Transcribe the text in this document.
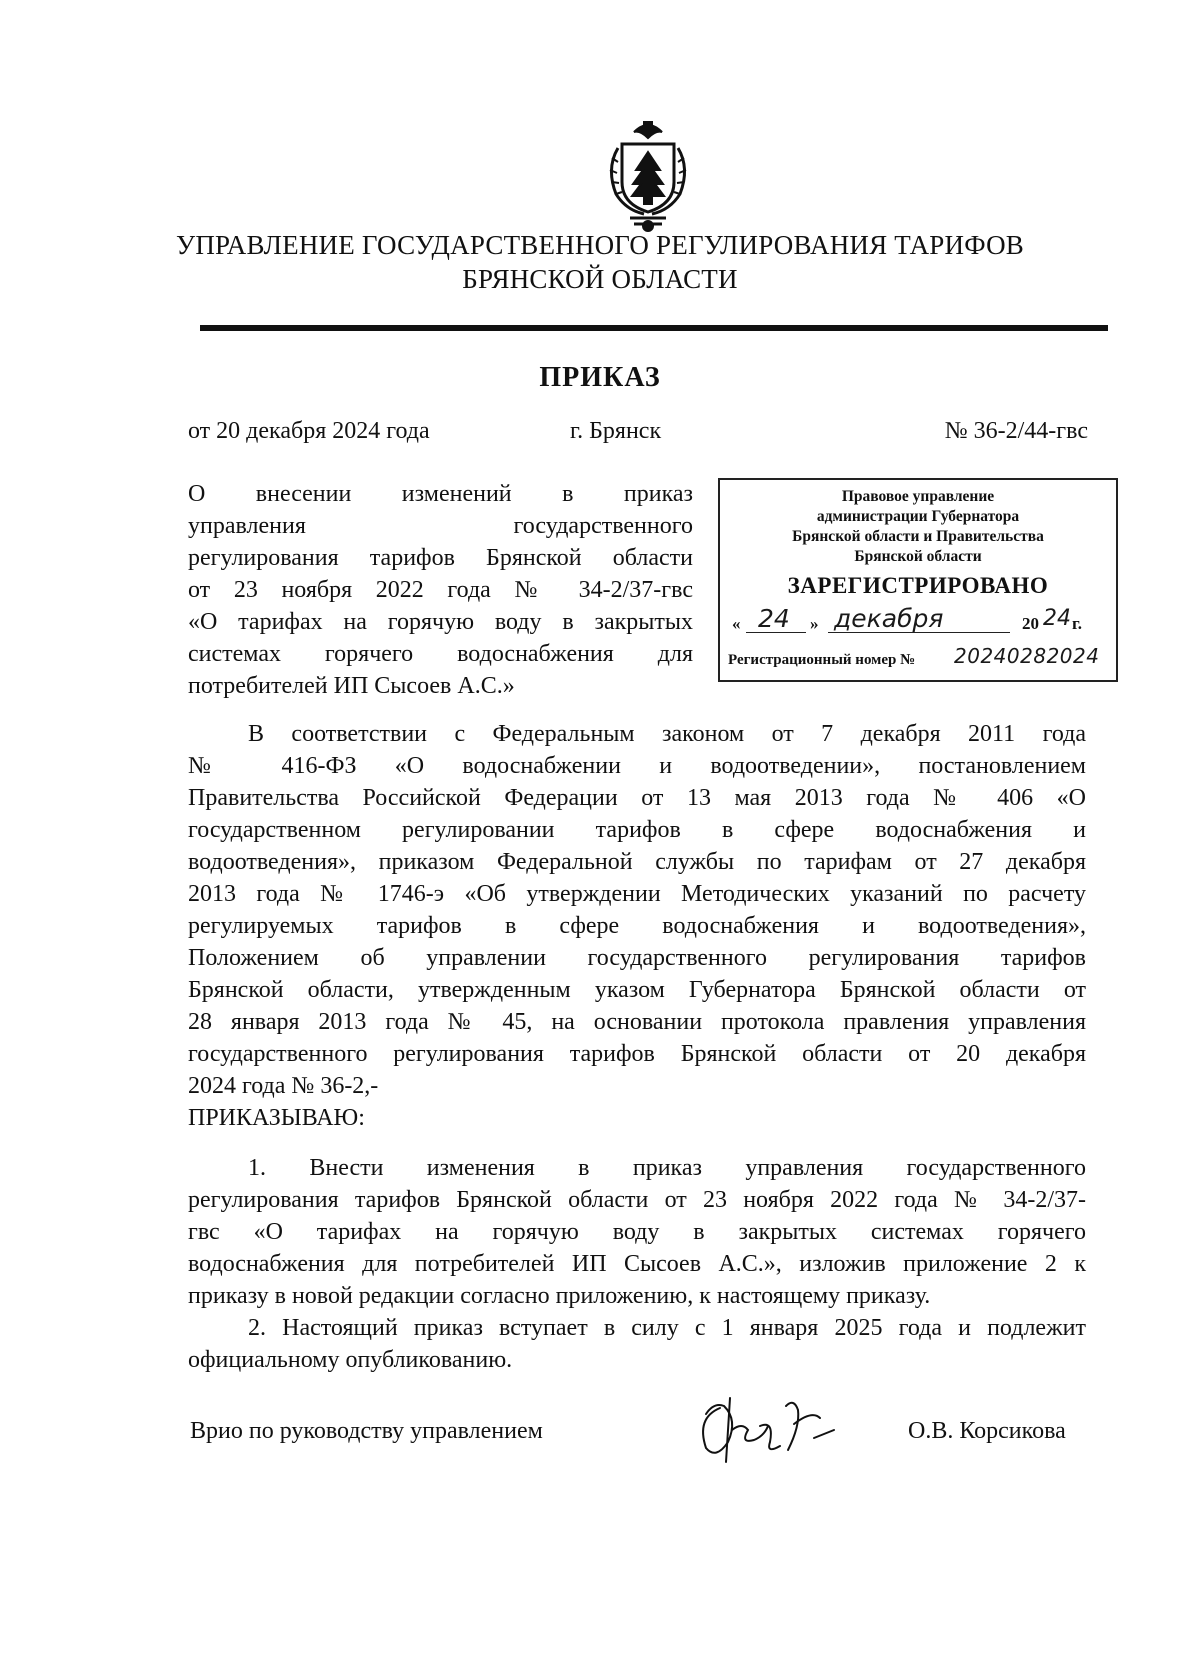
УПРАВЛЕНИЕ ГОСУДАРСТВЕННОГО РЕГУЛИРОВАНИЯ ТАРИФОВ
БРЯНСКОЙ ОБЛАСТИ
ПРИКАЗ
от 20 декабря 2024 года	г. Брянск	№ 36-2/44-гвс
О внесении изменений в приказ
управления государственного
регулирования тарифов Брянской области
от 23 ноября 2022 года № 34-2/37-гвс
«О тарифах на горячую воду в закрытых
системах горячего водоснабжения для
потребителей ИП Сысоев А.С.»
Правовое управление
администрации Губернатора
Брянской области и Правительства
Брянской области
ЗАРЕГИСТРИРОВАНО
« 24 » декабря	20 24 г.
Регистрационный номер № 20240282024
В соответствии с Федеральным законом от 7 декабря 2011 года
№ 416-ФЗ «О водоснабжении и водоотведении», постановлением
Правительства Российской Федерации от 13 мая 2013 года № 406 «О
государственном регулировании тарифов в сфере водоснабжения и
водоотведения», приказом Федеральной службы по тарифам от 27 декабря
2013 года № 1746-э «Об утверждении Методических указаний по расчету
регулируемых тарифов в сфере водоснабжения и водоотведения»,
Положением об управлении государственного регулирования тарифов
Брянской области, утвержденным указом Губернатора Брянской области от
28 января 2013 года № 45, на основании протокола правления управления
государственного регулирования тарифов Брянской области от 20 декабря
2024 года № 36-2,-
ПРИКАЗЫВАЮ:
1. Внести изменения в приказ управления государственного
регулирования тарифов Брянской области от 23 ноября 2022 года № 34-2/37-
гвс «О тарифах на горячую воду в закрытых системах горячего
водоснабжения для потребителей ИП Сысоев А.С.», изложив приложение 2 к
приказу в новой редакции согласно приложению, к настоящему приказу.
2. Настоящий приказ вступает в силу с 1 января 2025 года и подлежит
официальному опубликованию.
Врио по руководству управлением	О.В. Корсикова
